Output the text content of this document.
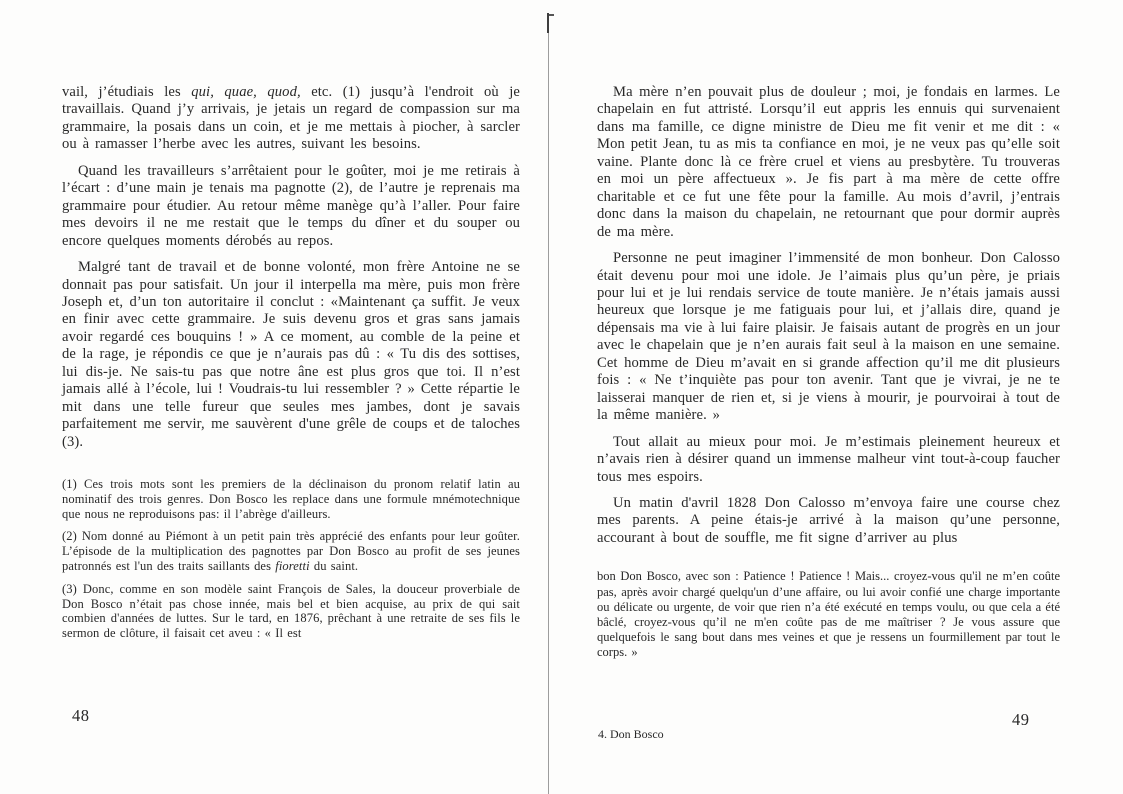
vail, j’étudiais les qui, quae, quod, etc. (1) jusqu’à l'endroit où je travaillais. Quand j’y arrivais, je jetais un regard de compassion sur ma grammaire, la posais dans un coin, et je me mettais à piocher, à sarcler ou à ramasser l’herbe avec les autres, suivant les besoins.

Quand les travailleurs s’arrêtaient pour le goûter, moi je me retirais à l’écart : d’une main je tenais ma pagnotte (2), de l’autre je reprenais ma grammaire pour étudier. Au retour même manège qu’à l’aller. Pour faire mes devoirs il ne me restait que le temps du dîner et du souper ou encore quelques moments dérobés au repos.

Malgré tant de travail et de bonne volonté, mon frère Antoine ne se donnait pas pour satisfait. Un jour il interpella ma mère, puis mon frère Joseph et, d’un ton autoritaire il conclut : «Maintenant ça suffit. Je veux en finir avec cette grammaire. Je suis devenu gros et gras sans jamais avoir regardé ces bouquins ! » A ce moment, au comble de la peine et de la rage, je répondis ce que je n’aurais pas dû : « Tu dis des sottises, lui dis-je. Ne sais-tu pas que notre âne est plus gros que toi. Il n’est jamais allé à l’école, lui ! Voudrais-tu lui ressembler ? » Cette répartie le mit dans une telle fureur que seules mes jambes, dont je savais parfaitement me servir, me sauvèrent d'une grêle de coups et de taloches (3).

(1) Ces trois mots sont les premiers de la déclinaison du pronom relatif latin au nominatif des trois genres. Don Bosco les replace dans une formule mnémotechnique que nous ne reproduisons pas: il l’abrège d'ailleurs.

(2) Nom donné au Piémont à un petit pain très apprécié des enfants pour leur goûter. L’épisode de la multiplication des pagnottes par Don Bosco au profit de ses jeunes patronnés est l'un des traits saillants des fioretti du saint.

(3) Donc, comme en son modèle saint François de Sales, la douceur proverbiale de Don Bosco n’était pas chose innée, mais bel et bien acquise, au prix de qui sait combien d'années de luttes. Sur le tard, en 1876, prêchant à une retraite de ses fils le sermon de clôture, il faisait cet aveu : « Il est

Ma mère n’en pouvait plus de douleur ; moi, je fondais en larmes. Le chapelain en fut attristé. Lorsqu’il eut appris les ennuis qui survenaient dans ma famille, ce digne ministre de Dieu me fit venir et me dit : « Mon petit Jean, tu as mis ta confiance en moi, je ne veux pas qu’elle soit vaine. Plante donc là ce frère cruel et viens au presbytère. Tu trouveras en moi un père affectueux ». Je fis part à ma mère de cette offre charitable et ce fut une fête pour la famille. Au mois d’avril, j’entrais donc dans la maison du chapelain, ne retournant que pour dormir auprès de ma mère.

Personne ne peut imaginer l’immensité de mon bonheur. Don Calosso était devenu pour moi une idole. Je l’aimais plus qu’un père, je priais pour lui et je lui rendais service de toute manière. Je n’étais jamais aussi heureux que lorsque je me fatiguais pour lui, et j’allais dire, quand je dépensais ma vie à lui faire plaisir. Je faisais autant de progrès en un jour avec le chapelain que je n’en aurais fait seul à la maison en une semaine. Cet homme de Dieu m’avait en si grande affection qu’il me dit plusieurs fois : « Ne t’inquiète pas pour ton avenir. Tant que je vivrai, je ne te laisserai manquer de rien et, si je viens à mourir, je pourvoirai à tout de la même manière. »

Tout allait au mieux pour moi. Je m’estimais pleinement heureux et n’avais rien à désirer quand un immense malheur vint tout-à-coup faucher tous mes espoirs.

Un matin d'avril 1828 Don Calosso m’envoya faire une course chez mes parents. A peine étais-je arrivé à la maison qu’une personne, accourant à bout de souffle, me fit signe d’arriver au plus

bon Don Bosco, avec son : Patience ! Patience ! Mais... croyez-vous qu'il ne m’en coûte pas, après avoir chargé quelqu'un d’une affaire, ou lui avoir confié une charge importante ou délicate ou urgente, de voir que rien n’a été exécuté en temps voulu, ou que cela a été bâclé, croyez-vous qu’il ne m'en coûte pas de me maîtriser ? Je vous assure que quelquefois le sang bout dans mes veines et que je ressens un fourmillement par tout le corps. »
48
4. Don Bosco
49
